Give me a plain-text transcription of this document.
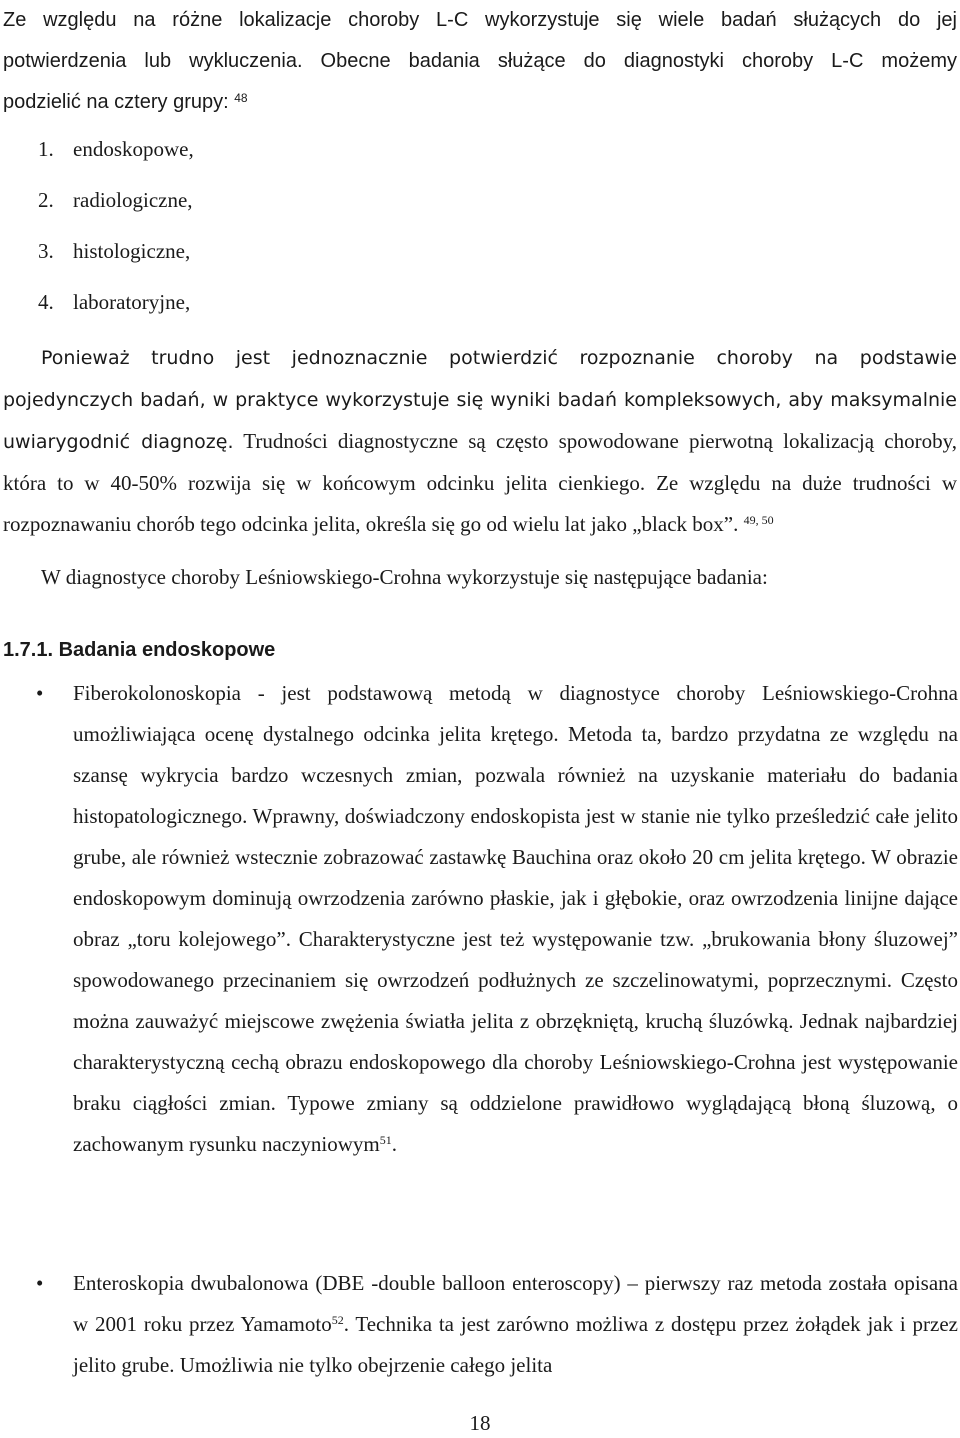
Ze względu na różne lokalizacje choroby L-C wykorzystuje się wiele badań służących do jej
potwierdzenia lub wykluczenia. Obecne badania służące do diagnostyki choroby L-C możemy
podzielić na cztery grupy: $^{48}$

1. endoskopowe,
2. radiologiczne,
3. histologiczne,
4. laboratoryjne,

Ponieważ trudno jest jednoznacznie potwierdzić rozpoznanie choroby na podstawie pojedynczych badań, w praktyce wykorzystuje się wyniki badań kompleksowych, aby maksymalnie uwiarygodnić diagnozę. Trudności diagnostyczne są często spowodowane pierwotną lokalizacją choroby, która to w 40-50% rozwija się w końcowym odcinku jelita cienkiego. Ze względu na duże trudności w rozpoznawaniu chorób tego odcinka jelita, określa się go od wielu lat jako „black box”. $^{49, 50}$

W diagnostyce choroby Leśniowskiego-Crohna wykorzystuje się następujące badania:

1.7.1. Badania endoskopowe
• Fiberokolonoskopia - jest podstawową metodą w diagnostyce choroby Leśniowskiego-Crohna umożliwiająca ocenę dystalnego odcinka jelita krętego. Metoda ta, bardzo przydatna ze względu na szansę wykrycia bardzo wczesnych zmian, pozwala również na uzyskanie materiału do badania histopatologicznego. Wprawny, doświadczony endoskopista jest w stanie nie tylko prześledzić całe jelito grube, ale również wstecznie zobrazować zastawkę Bauchina oraz około 20 cm jelita krętego. W obrazie endoskopowym dominują owrzodzenia zarówno płaskie, jak i głębokie, oraz owrzodzenia linijne dające obraz „toru kolejowego”. Charakterystyczne jest też występowanie tzw. „brukowania błony śluzowej” spowodowanego przecinaniem się owrzodzeń podłużnych ze szczelinowatymi, poprzecznymi. Często można zauważyć miejscowe zwężenia światła jelita z obrzękniętą, kruchą śluzówką. Jednak najbardziej charakterystyczną cechą obrazu endoskopowego dla choroby Leśniowskiego-Crohna jest występowanie braku ciągłości zmian. Typowe zmiany są oddzielone prawidłowo wyglądającą błoną śluzową, o zachowanym rysunku naczyniowym$^{51}$.

• Enteroskopia dwubalonowa (DBE -double balloon enteroscopy) – pierwszy raz metoda została opisana w 2001 roku przez Yamamoto$^{52}$. Technika ta jest zarówno możliwa z dostępu przez żołądek jak i przez jelito grube. Umożliwia nie tylko obejrzenie całego jelita

18
